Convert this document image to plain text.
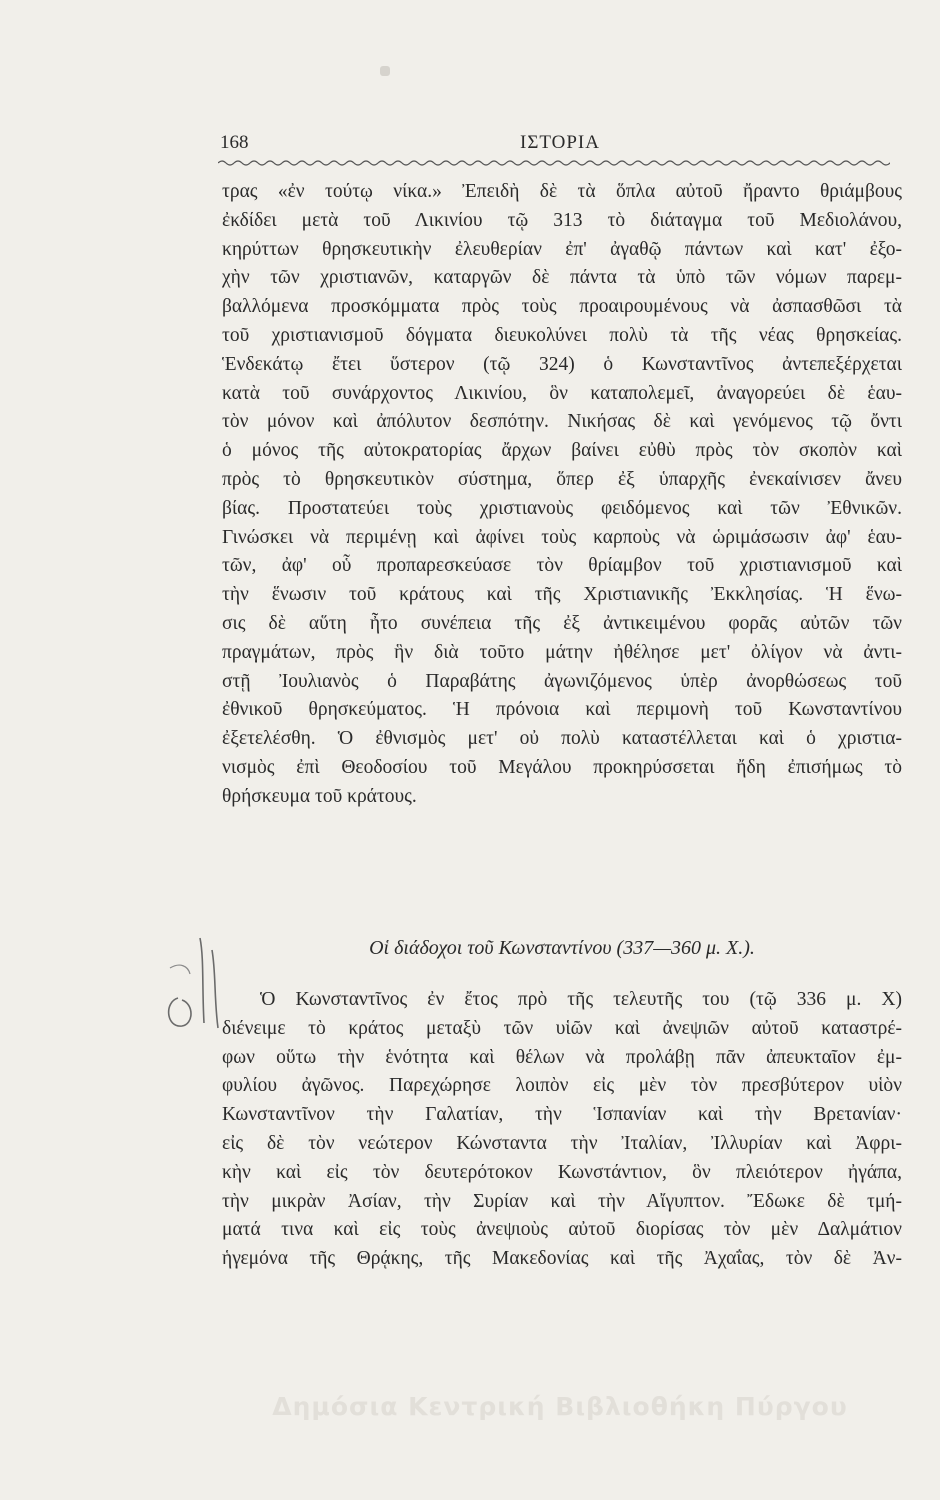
168	ΙΣΤΟΡΙΑ
τρας «ἐν τούτῳ νίκα.» Ἐπειδὴ δὲ τὰ ὅπλα αὐτοῦ ἤραντο θριάμβους
ἐκδίδει μετὰ τοῦ Λικινίου τῷ 313 τὸ διάταγμα τοῦ Μεδιολάνου,
κηρύττων θρησκευτικὴν ἐλευθερίαν ἐπ' ἀγαθῷ πάντων καὶ κατ' ἐξο-
χὴν τῶν χριστιανῶν, καταργῶν δὲ πάντα τὰ ὑπὸ τῶν νόμων παρεμ-
βαλλόμενα προσκόμματα πρὸς τοὺς προαιρουμένους νὰ ἀσπασθῶσι τὰ
τοῦ χριστιανισμοῦ δόγματα διευκολύνει πολὺ τὰ τῆς νέας θρησκείας.
Ἑνδεκάτῳ ἔτει ὕστερον (τῷ 324) ὁ Κωνσταντῖνος ἀντεπεξέρχεται
κατὰ τοῦ συνάρχοντος Λικινίου, ὃν καταπολεμεῖ, ἀναγορεύει δὲ ἑαυ-
τὸν μόνον καὶ ἀπόλυτον δεσπότην. Νικήσας δὲ καὶ γενόμενος τῷ ὄντι
ὁ μόνος τῆς αὐτοκρατορίας ἄρχων βαίνει εὐθὺ πρὸς τὸν σκοπὸν καὶ
πρὸς τὸ θρησκευτικὸν σύστημα, ὅπερ ἐξ ὑπαρχῆς ἐνεκαίνισεν ἄνευ
βίας. Προστατεύει τοὺς χριστιανοὺς φειδόμενος καὶ τῶν Ἐθνικῶν.
Γινώσκει νὰ περιμένῃ καὶ ἀφίνει τοὺς καρποὺς νὰ ὡριμάσωσιν ἀφ' ἑαυ-
τῶν, ἀφ' οὗ προπαρεσκεύασε τὸν θρίαμβον τοῦ χριστιανισμοῦ καὶ
τὴν ἕνωσιν τοῦ κράτους καὶ τῆς Χριστιανικῆς Ἐκκλησίας. Ἡ ἕνω-
σις δὲ αὕτη ἦτο συνέπεια τῆς ἐξ ἀντικειμένου φορᾶς αὐτῶν τῶν
πραγμάτων, πρὸς ἣν διὰ τοῦτο μάτην ἠθέλησε μετ' ὀλίγον νὰ ἀντι-
στῇ Ἰουλιανὸς ὁ Παραβάτης ἀγωνιζόμενος ὑπὲρ ἀνορθώσεως τοῦ
ἐθνικοῦ θρησκεύματος. Ἡ πρόνοια καὶ περιμονὴ τοῦ Κωνσταντίνου
ἐξετελέσθη. Ὁ ἐθνισμὸς μετ' οὐ πολὺ καταστέλλεται καὶ ὁ χριστια-
νισμὸς ἐπὶ Θεοδοσίου τοῦ Μεγάλου προκηρύσσεται ἤδη ἐπισήμως τὸ
θρήσκευμα τοῦ κράτους.
Οἱ διάδοχοι τοῦ Κωνσταντίνου (337—360 μ. Χ.).
Ὁ Κωνσταντῖνος ἐν ἔτος πρὸ τῆς τελευτῆς του (τῷ 336 μ. Χ)
διένειμε τὸ κράτος μεταξὺ τῶν υἱῶν καὶ ἀνεψιῶν αὐτοῦ καταστρέ-
φων οὕτω τὴν ἑνότητα καὶ θέλων νὰ προλάβῃ πᾶν ἀπευκταῖον ἐμ-
φυλίου ἀγῶνος. Παρεχώρησε λοιπὸν εἰς μὲν τὸν πρεσβύτερον υἱὸν
Κωνσταντῖνον τὴν Γαλατίαν, τὴν Ἱσπανίαν καὶ τὴν Βρετανίαν·
εἰς δὲ τὸν νεώτερον Κώνσταντα τὴν Ἰταλίαν, Ἰλλυρίαν καὶ Ἀφρι-
κὴν καὶ εἰς τὸν δευτερότοκον Κωνστάντιον, ὃν πλειότερον ἠγάπα,
τὴν μικρὰν Ἀσίαν, τὴν Συρίαν καὶ τὴν Αἴγυπτον. Ἔδωκε δὲ τμή-
ματά τινα καὶ εἰς τοὺς ἀνεψιοὺς αὐτοῦ διορίσας τὸν μὲν Δαλμάτιον
ἡγεμόνα τῆς Θρᾴκης, τῆς Μακεδονίας καὶ τῆς Ἀχαΐας, τὸν δὲ Ἀν-
Δημόσια Κεντρική Βιβλιοθήκη Πύργου
